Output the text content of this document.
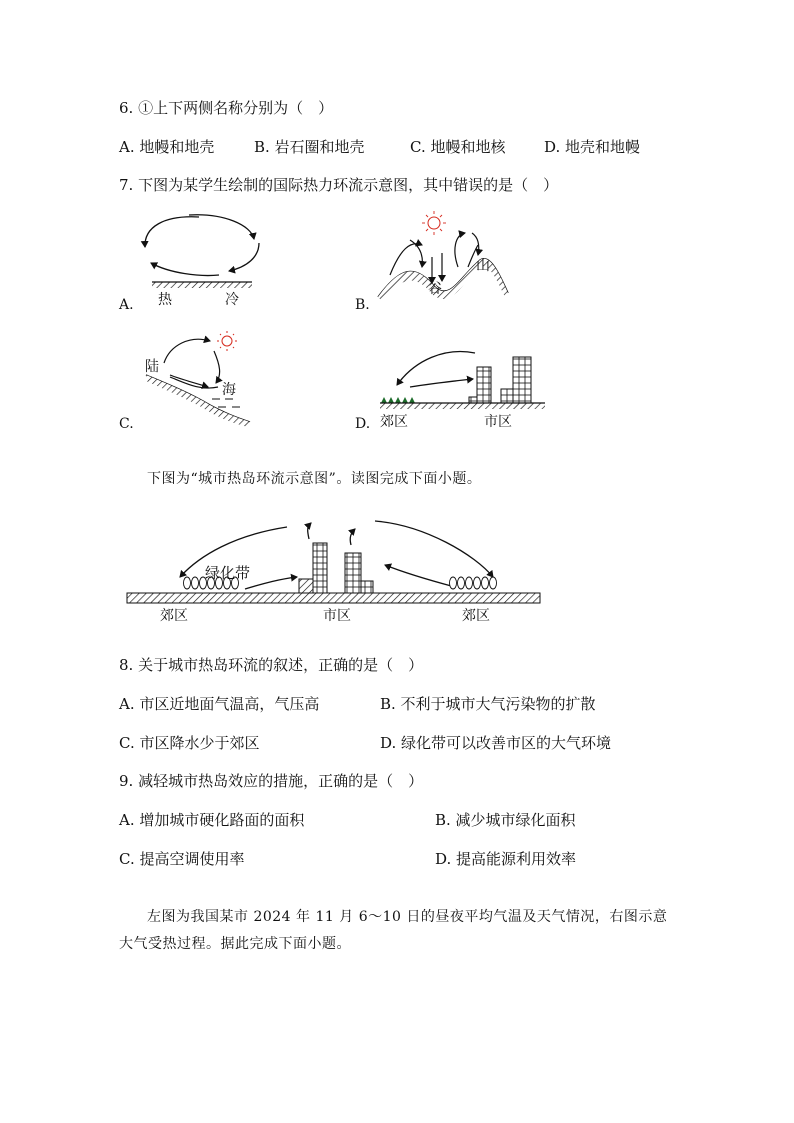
6. ①上下两侧名称分别为（　）
A. 地幔和地壳	B. 岩石圈和地壳	C. 地幔和地核	D. 地壳和地幔
7. 下图为某学生绘制的国际热力环流示意图，其中错误的是（　）
A. 热	冷	B.
谷
山
C.
陆
海
D. 郊区	市区
下图为“城市热岛环流示意图”。读图完成下面小题。
绿化带
郊区	市区	郊区
8. 关于城市热岛环流的叙述，正确的是（　）
A. 市区近地面气温高，气压高	B. 不利于城市大气污染物的扩散
C. 市区降水少于郊区	D. 绿化带可以改善市区的大气环境
9. 减轻城市热岛效应的措施，正确的是（　）
A. 增加城市硬化路面的面积	B. 减少城市绿化面积
C. 提高空调使用率	D. 提高能源利用效率
左图为我国某市 2024 年 11 月 6～10 日的昼夜平均气温及天气情况，右图示意大气受热过程。据此完成下面小题。
